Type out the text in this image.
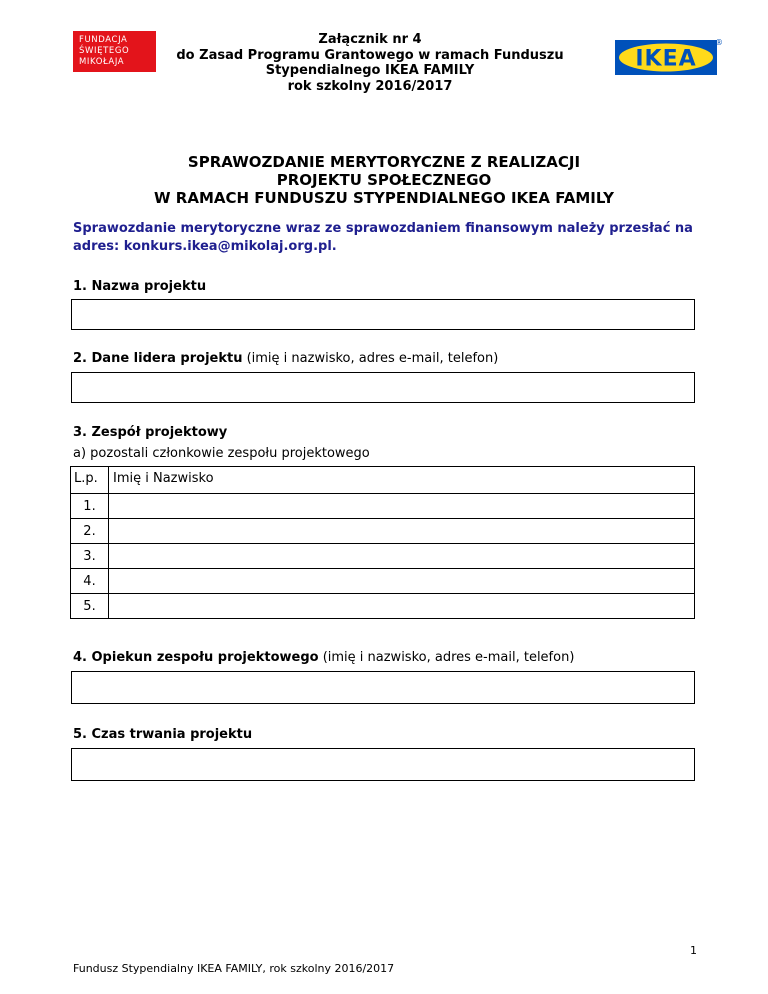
FUNDACJA
ŚWIĘTEGO
MIKOŁAJA
Załącznik nr 4
do Zasad Programu Grantowego w ramach Funduszu
Stypendialnego IKEA FAMILY
rok szkolny 2016/2017
IKEA
®
SPRAWOZDANIE MERYTORYCZNE Z REALIZACJI
PROJEKTU SPOŁECZNEGO
W RAMACH FUNDUSZU STYPENDIALNEGO IKEA FAMILY
Sprawozdanie merytoryczne wraz ze sprawozdaniem finansowym należy przesłać na adres: konkurs.ikea@mikolaj.org.pl.
1. Nazwa projektu
2. Dane lidera projektu (imię i nazwisko, adres e-mail, telefon)
3. Zespół projektowy
a) pozostali członkowie zespołu projektowego
L.p.	Imię i Nazwisko
1.	
2.	
3.	
4.	
5.	
4. Opiekun zespołu projektowego (imię i nazwisko, adres e-mail, telefon)
5. Czas trwania projektu
1
Fundusz Stypendialny IKEA FAMILY, rok szkolny 2016/2017
